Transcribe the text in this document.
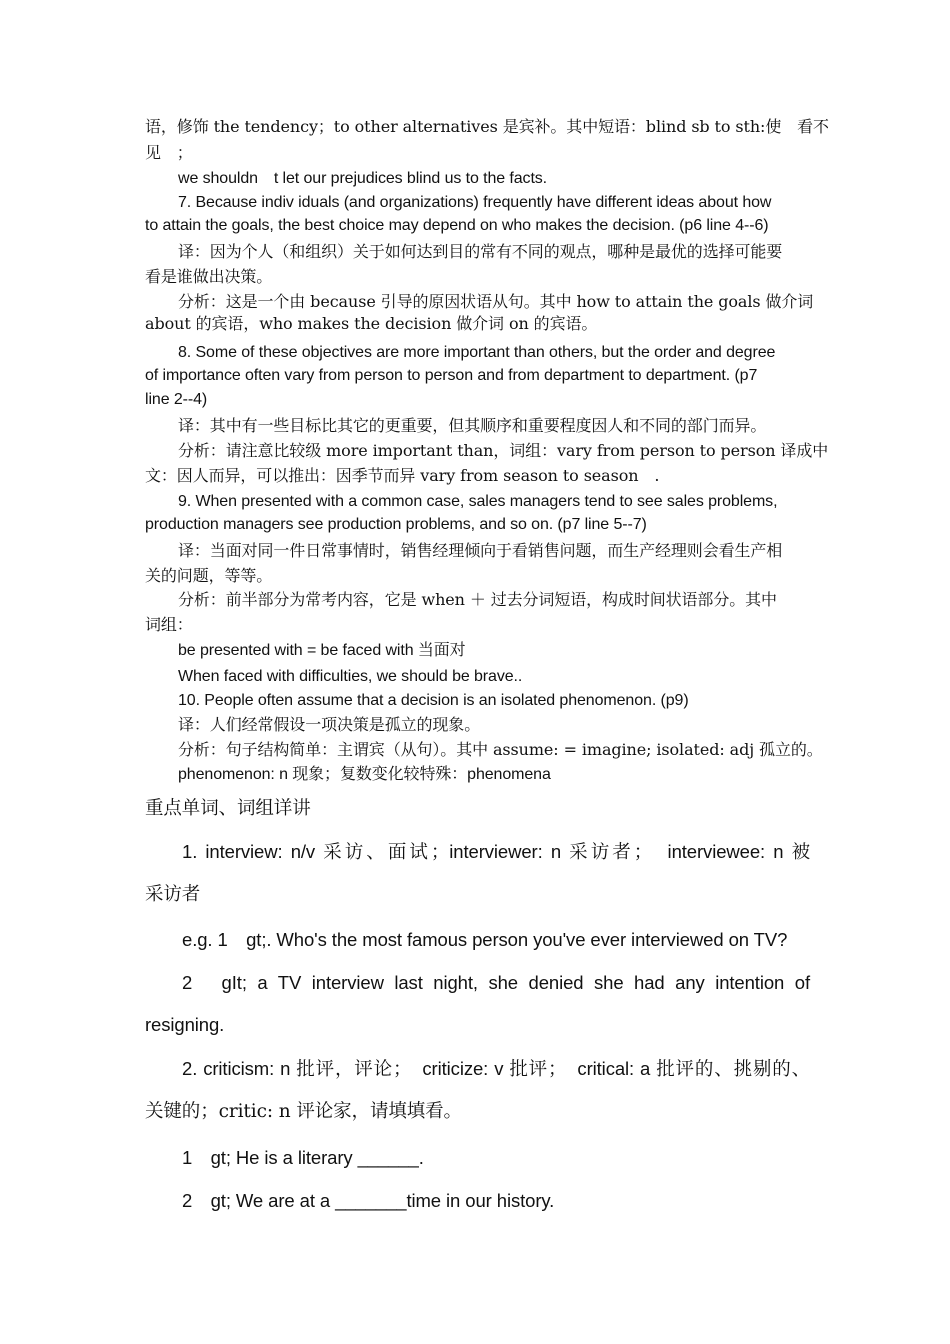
语，修饰 the tendency；to other alternatives 是宾补。其中短语：blind sb to sth:使　看不
见　；
we shouldn　t let our prejudices blind us to the facts.
7. Because indiv iduals (and organizations) frequently have different ideas about how
to attain the goals, the best choice may depend on who makes the decision. (p6 line 4--6)
译：因为个人（和组织）关于如何达到目的常有不同的观点，哪种是最优的选择可能要
看是谁做出决策。
分析：这是一个由 because 引导的原因状语从句。其中 how to attain the goals 做介词
about 的宾语，who makes the decision 做介词 on 的宾语。
8. Some of these objectives are more important than others, but the order and degree
of importance often vary from person to person and from department to department. (p7
line 2--4)
译：其中有一些目标比其它的更重要，但其顺序和重要程度因人和不同的部门而异。
分析：请注意比较级 more important than，词组：vary from person to person 译成中
文：因人而异，可以推出：因季节而异 vary from season to season　.
9. When presented with a common case, sales managers tend to see sales problems,
production managers see production problems, and so on. (p7 line 5--7)
译：当面对同一件日常事情时，销售经理倾向于看销售问题，而生产经理则会看生产相
关的问题，等等。
分析：前半部分为常考内容，它是 when ＋ 过去分词短语，构成时间状语部分。其中
词组：
be presented with = be faced with 当面对
When faced with difficulties, we should be brave..
10. People often assume that a decision is an isolated phenomenon. (p9)
译：人们经常假设一项决策是孤立的现象。
分析：句子结构简单：主谓宾（从句）。其中 assume: = imagine; isolated: adj 孤立的。
phenomenon: n 现象；复数变化较特殊：phenomena
重点单词、词组详讲
1. interview: n/v 采访、面试；interviewer: n 采访者；　interviewee: n 被
采访者
e.g. 1　gt;. Who's the most famous person you've ever interviewed on TV?
2　gIt; a TV interview last night, she denied she had any intention of
resigning.
2. criticism: n 批评，评论；　criticize: v 批评；　critical: a 批评的、挑剔的、
关键的；critic: n 评论家，请填填看。
1　gt; He is a literary ______.
2　gt; We are at a _______time in our history.
